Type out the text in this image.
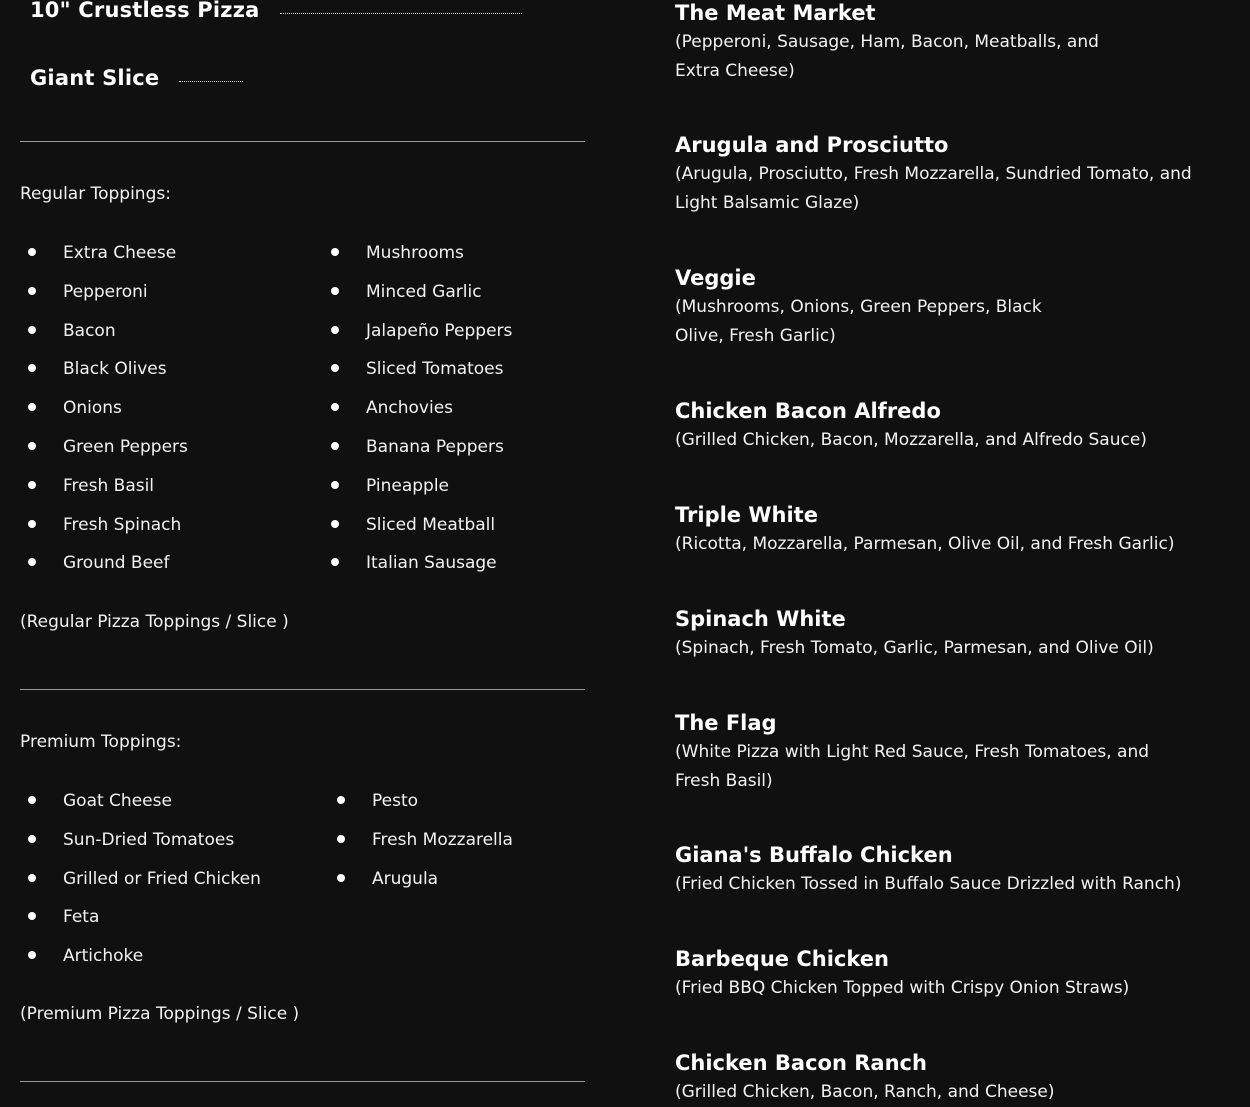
10" Crustless Pizza
Giant Slice
Regular Toppings:
Extra Cheese
Pepperoni
Bacon
Black Olives
Onions
Green Peppers
Fresh Basil
Fresh Spinach
Ground Beef
Mushrooms
Minced Garlic
Jalapeño Peppers
Sliced Tomatoes
Anchovies
Banana Peppers
Pineapple
Sliced Meatball
Italian Sausage
(Regular Pizza Toppings / Slice )
Premium Toppings:
Goat Cheese
Sun-Dried Tomatoes
Grilled or Fried Chicken
Feta
Artichoke
Pesto
Fresh Mozzarella
Arugula
(Premium Pizza Toppings / Slice )
The Meat Market
(Pepperoni, Sausage, Ham, Bacon, Meatballs, and Extra Cheese)
Arugula and Prosciutto
(Arugula, Prosciutto, Fresh Mozzarella, Sundried Tomato, and Light Balsamic Glaze)
Veggie
(Mushrooms, Onions, Green Peppers, Black Olive, Fresh Garlic)
Chicken Bacon Alfredo
(Grilled Chicken, Bacon, Mozzarella, and Alfredo Sauce)
Triple White
(Ricotta, Mozzarella, Parmesan, Olive Oil, and Fresh Garlic)
Spinach White
(Spinach, Fresh Tomato, Garlic, Parmesan, and Olive Oil)
The Flag
(White Pizza with Light Red Sauce, Fresh Tomatoes, and Fresh Basil)
Giana's Buffalo Chicken
(Fried Chicken Tossed in Buffalo Sauce Drizzled with Ranch)
Barbeque Chicken
(Fried BBQ Chicken Topped with Crispy Onion Straws)
Chicken Bacon Ranch
(Grilled Chicken, Bacon, Ranch, and Cheese)
